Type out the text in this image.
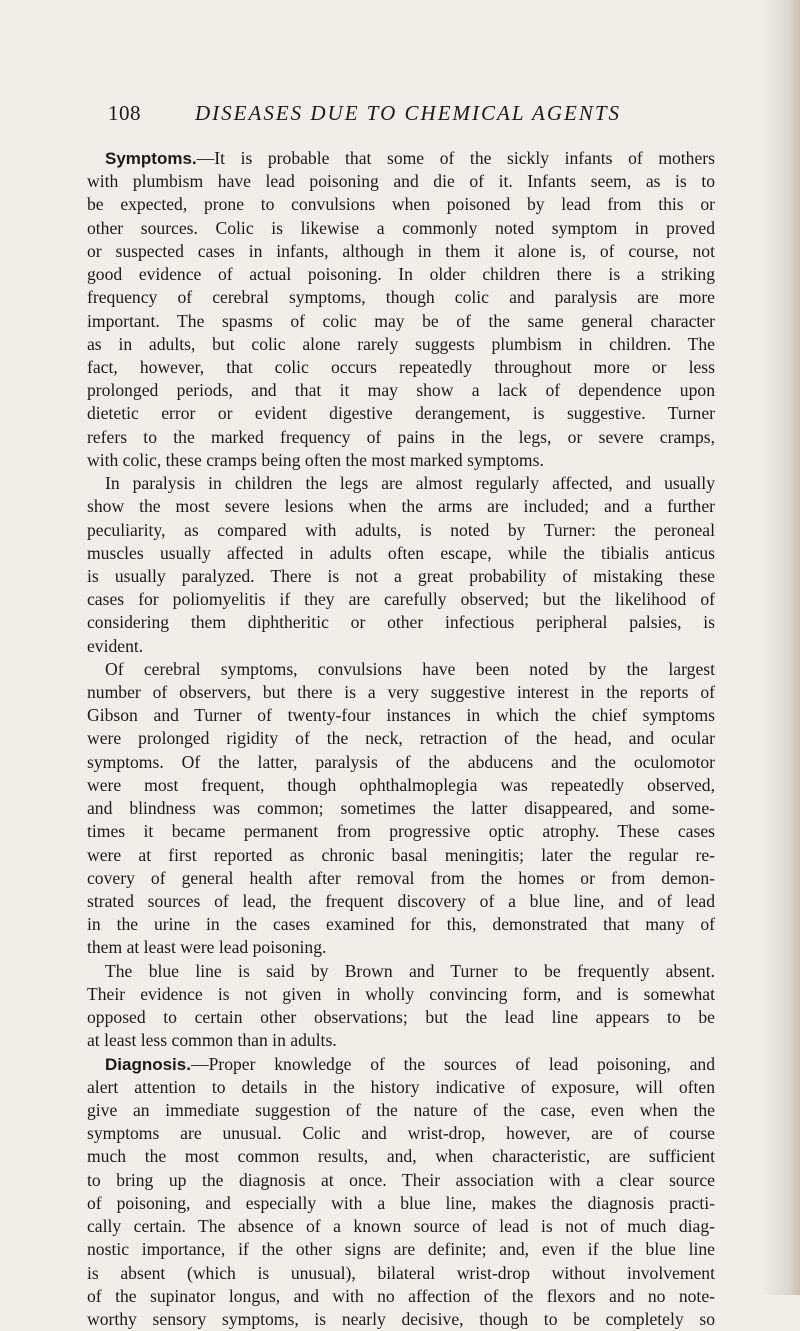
108	DISEASES DUE TO CHEMICAL AGENTS
Symptoms.—It is probable that some of the sickly infants of mothers
with plumbism have lead poisoning and die of it. Infants seem, as is to
be expected, prone to convulsions when poisoned by lead from this or
other sources. Colic is likewise a commonly noted symptom in proved
or suspected cases in infants, although in them it alone is, of course, not
good evidence of actual poisoning. In older children there is a striking
frequency of cerebral symptoms, though colic and paralysis are more
important. The spasms of colic may be of the same general character
as in adults, but colic alone rarely suggests plumbism in children. The
fact, however, that colic occurs repeatedly throughout more or less
prolonged periods, and that it may show a lack of dependence upon
dietetic error or evident digestive derangement, is suggestive. Turner
refers to the marked frequency of pains in the legs, or severe cramps,
with colic, these cramps being often the most marked symptoms.
In paralysis in children the legs are almost regularly affected, and usually
show the most severe lesions when the arms are included; and a further
peculiarity, as compared with adults, is noted by Turner: the peroneal
muscles usually affected in adults often escape, while the tibialis anticus
is usually paralyzed. There is not a great probability of mistaking these
cases for poliomyelitis if they are carefully observed; but the likelihood of
considering them diphtheritic or other infectious peripheral palsies, is
evident.
Of cerebral symptoms, convulsions have been noted by the largest
number of observers, but there is a very suggestive interest in the reports of
Gibson and Turner of twenty-four instances in which the chief symptoms
were prolonged rigidity of the neck, retraction of the head, and ocular
symptoms. Of the latter, paralysis of the abducens and the oculomotor
were most frequent, though ophthalmoplegia was repeatedly observed,
and blindness was common; sometimes the latter disappeared, and some-
times it became permanent from progressive optic atrophy. These cases
were at first reported as chronic basal meningitis; later the regular re-
covery of general health after removal from the homes or from demon-
strated sources of lead, the frequent discovery of a blue line, and of lead
in the urine in the cases examined for this, demonstrated that many of
them at least were lead poisoning.
The blue line is said by Brown and Turner to be frequently absent.
Their evidence is not given in wholly convincing form, and is somewhat
opposed to certain other observations; but the lead line appears to be
at least less common than in adults.
Diagnosis.—Proper knowledge of the sources of lead poisoning, and
alert attention to details in the history indicative of exposure, will often
give an immediate suggestion of the nature of the case, even when the
symptoms are unusual. Colic and wrist-drop, however, are of course
much the most common results, and, when characteristic, are sufficient
to bring up the diagnosis at once. Their association with a clear source
of poisoning, and especially with a blue line, makes the diagnosis practi-
cally certain. The absence of a known source of lead is not of much diag-
nostic importance, if the other signs are definite; and, even if the blue line
is absent (which is unusual), bilateral wrist-drop without involvement
of the supinator longus, and with no affection of the flexors and no note-
worthy sensory symptoms, is nearly decisive, though to be completely so
